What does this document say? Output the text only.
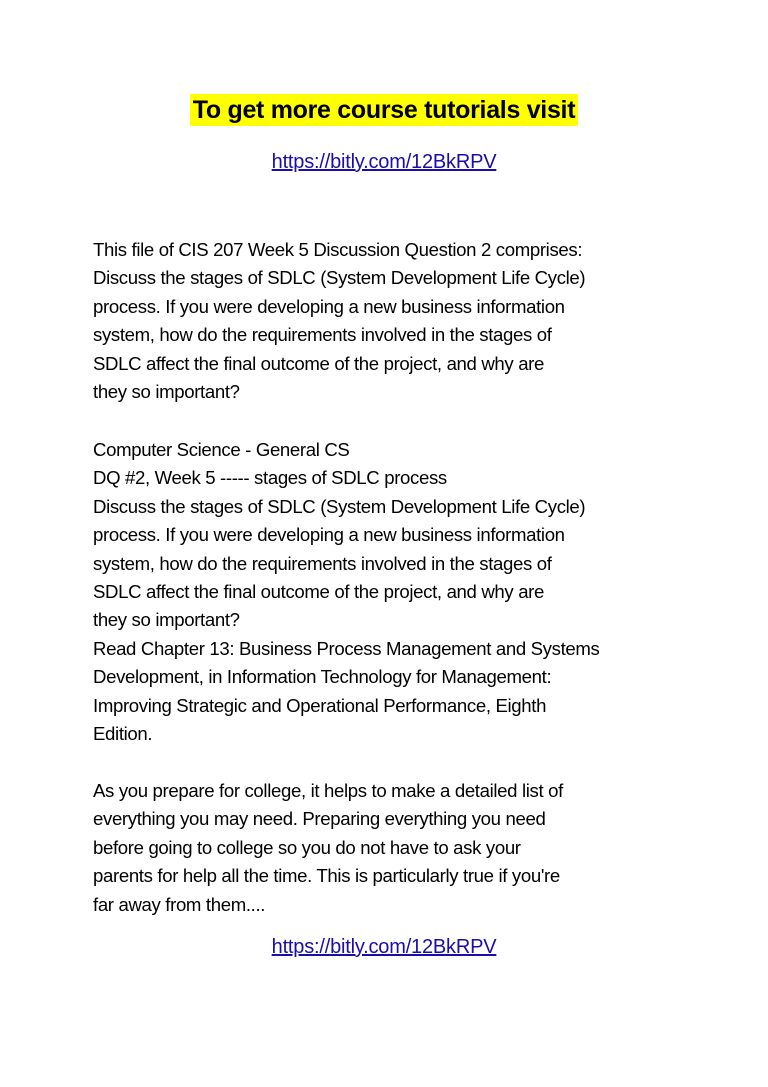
To get more course tutorials visit
https://bitly.com/12BkRPV
This file of CIS 207 Week 5 Discussion Question 2 comprises:
Discuss the stages of SDLC (System Development Life Cycle)
process. If you were developing a new business information
system, how do the requirements involved in the stages of
SDLC affect the final outcome of the project, and why are
they so important?
Computer Science - General CS
DQ #2, Week 5 ----- stages of SDLC process
Discuss the stages of SDLC (System Development Life Cycle)
process. If you were developing a new business information
system, how do the requirements involved in the stages of
SDLC affect the final outcome of the project, and why are
they so important?
Read Chapter 13: Business Process Management and Systems
Development, in Information Technology for Management:
Improving Strategic and Operational Performance, Eighth
Edition.
As you prepare for college, it helps to make a detailed list of
everything you may need. Preparing everything you need
before going to college so you do not have to ask your
parents for help all the time. This is particularly true if you're
far away from them....
https://bitly.com/12BkRPV
